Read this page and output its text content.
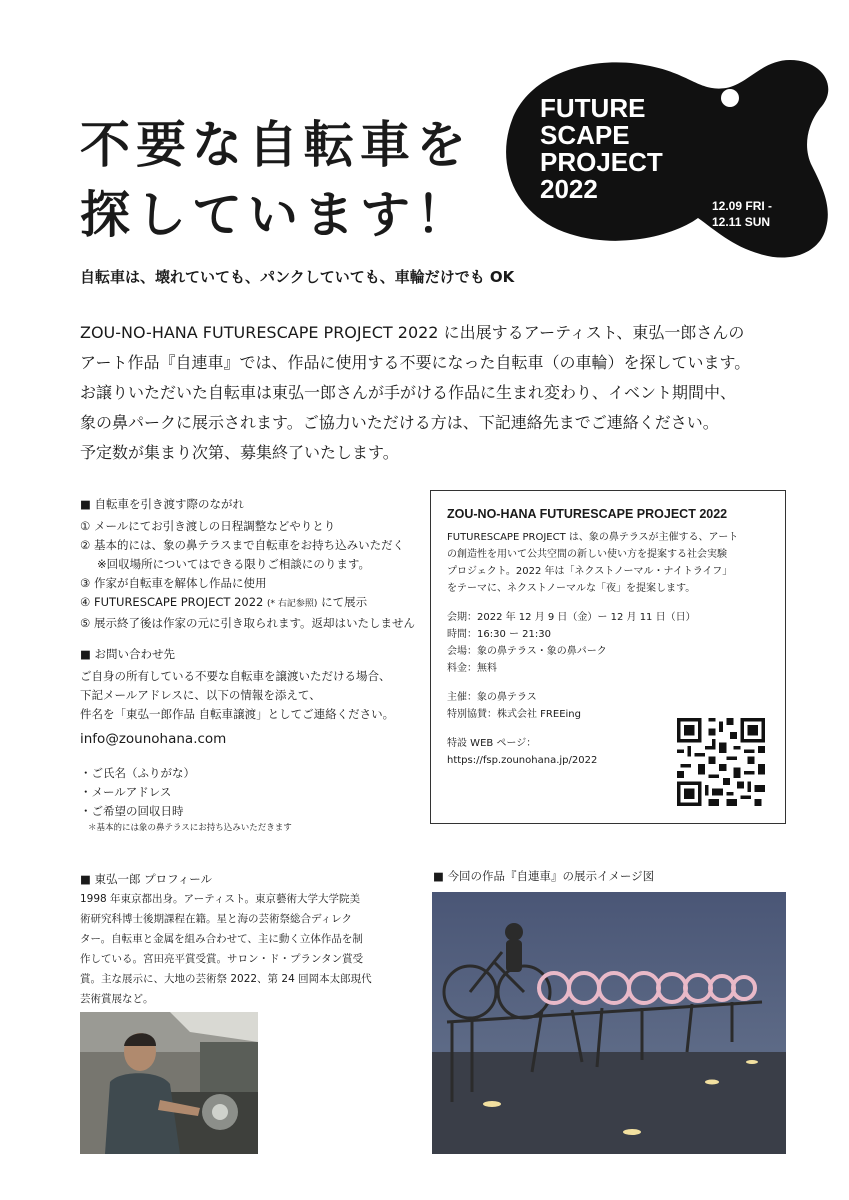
不要な自転車を
探しています！
FUTURE
SCAPE
PROJECT
2022
12.09 FRI -
12.11 SUN
自転車は、壊れていても、パンクしていても、車輪だけでも OK
ZOU-NO-HANA FUTURESCAPE PROJECT 2022 に出展するアーティスト、東弘一郎さんの
アート作品『自連車』では、作品に使用する不要になった自転車（の車輪）を探しています。
お譲りいただいた自転車は東弘一郎さんが手がける作品に生まれ変わり、イベント期間中、
象の鼻パークに展示されます。ご協力いただける方は、下記連絡先までご連絡ください。
予定数が集まり次第、募集終了いたします。
■ 自転車を引き渡す際のながれ
① メールにてお引き渡しの日程調整などやりとり
② 基本的には、象の鼻テラスまで自転車をお持ち込みいただく
※回収場所についてはできる限りご相談にのります。
③ 作家が自転車を解体し作品に使用
④ FUTURESCAPE PROJECT 2022 (* 右記参照) にて展示
⑤ 展示終了後は作家の元に引き取られます。返却はいたしません
■ お問い合わせ先
ご自身の所有している不要な自転車を譲渡いただける場合、
下記メールアドレスに、以下の情報を添えて、
件名を「東弘一郎作品 自転車譲渡」としてご連絡ください。
info@zounohana.com
・ご氏名（ふりがな）
・メールアドレス
・ご希望の回収日時
＊基本的には象の鼻テラスにお持ち込みいただきます
ZOU-NO-HANA FUTURESCAPE PROJECT 2022
FUTURESCAPE PROJECT は、象の鼻テラスが主催する、アート
の創造性を用いて公共空間の新しい使い方を提案する社会実験
プロジェクト。2022 年は「ネクストノーマル・ナイトライフ」
をテーマに、ネクストノーマルな「夜」を提案します。
会期：2022 年 12 月 9 日（金）ー 12 月 11 日（日）
時間：16:30 ー 21:30
会場：象の鼻テラス・象の鼻パーク
料金：無料
主催：象の鼻テラス
特別協賛：株式会社 FREEing
特設 WEB ページ：
https://fsp.zounohana.jp/2022
■ 東弘一郎 プロフィール
1998 年東京都出身。アーティスト。東京藝術大学大学院美
術研究科博士後期課程在籍。星と海の芸術祭総合ディレク
ター。自転車と金属を組み合わせて、主に動く立体作品を制
作している。宮田亮平賞受賞。サロン・ド・プランタン賞受
賞。主な展示に、大地の芸術祭 2022、第 24 回岡本太郎現代
芸術賞展など。
■ 今回の作品『自連車』の展示イメージ図
